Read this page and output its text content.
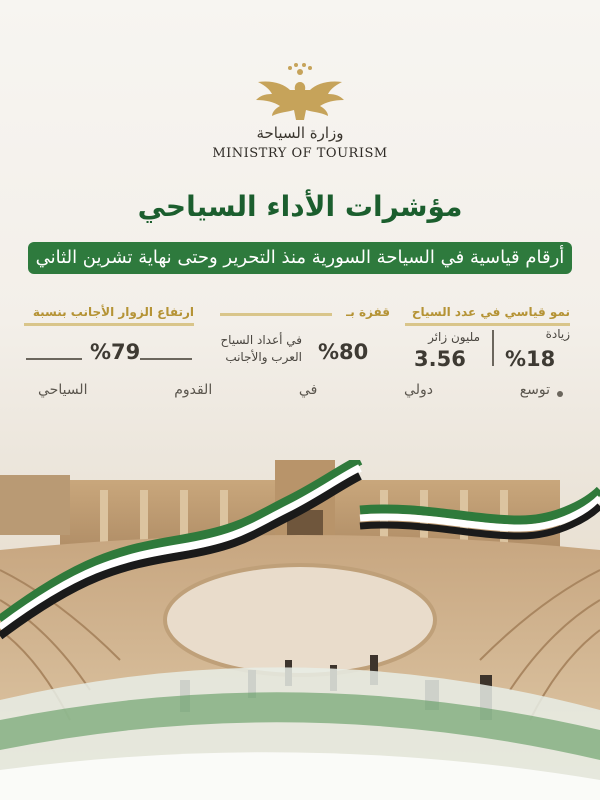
وزارة السياحة
MINISTRY OF TOURISM
مؤشرات الأداء السياحي
أرقام قياسية في السياحة السورية منذ التحرير وحتى نهاية تشرين الثاني
نمو قياسي في عدد السياح
زيادة
%18
مليون زائر
3.56
قفزة بـ
في أعداد السياح
العرب والأجانب %80
ارتفاع الزوار الأجانب بنسبة
%79
توسع دولي في القدوم السياحي
